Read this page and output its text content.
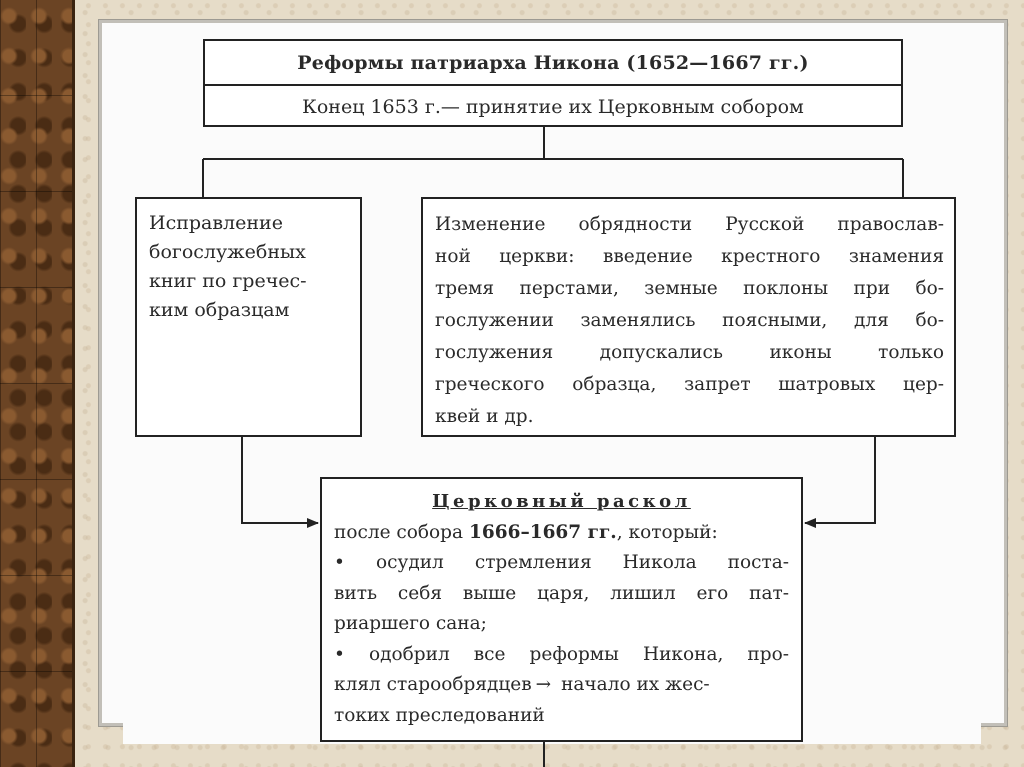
Реформы патриарха Никона (1652—1667 гг.)
Конец 1653 г.— принятие их Церковным собором
Исправление
богослужебных
книг по гречес-
ким образцам
Изменение обрядности Русской православ-
ной церкви: введение крестного знамения
тремя перстами, земные поклоны при бо-
гослужении заменялись поясными, для бо-
гослужения допускались иконы только
греческого образца, запрет шатровых цер-
квей и др.
Церковный раскол
после собора 1666–1667 гг., который:
• осудил стремления Никола поста-
вить себя выше царя, лишил его пат-
риаршего сана;
• одобрил все реформы Никона, про-
клял старообрядцев → начало их жес-
токих преследований
